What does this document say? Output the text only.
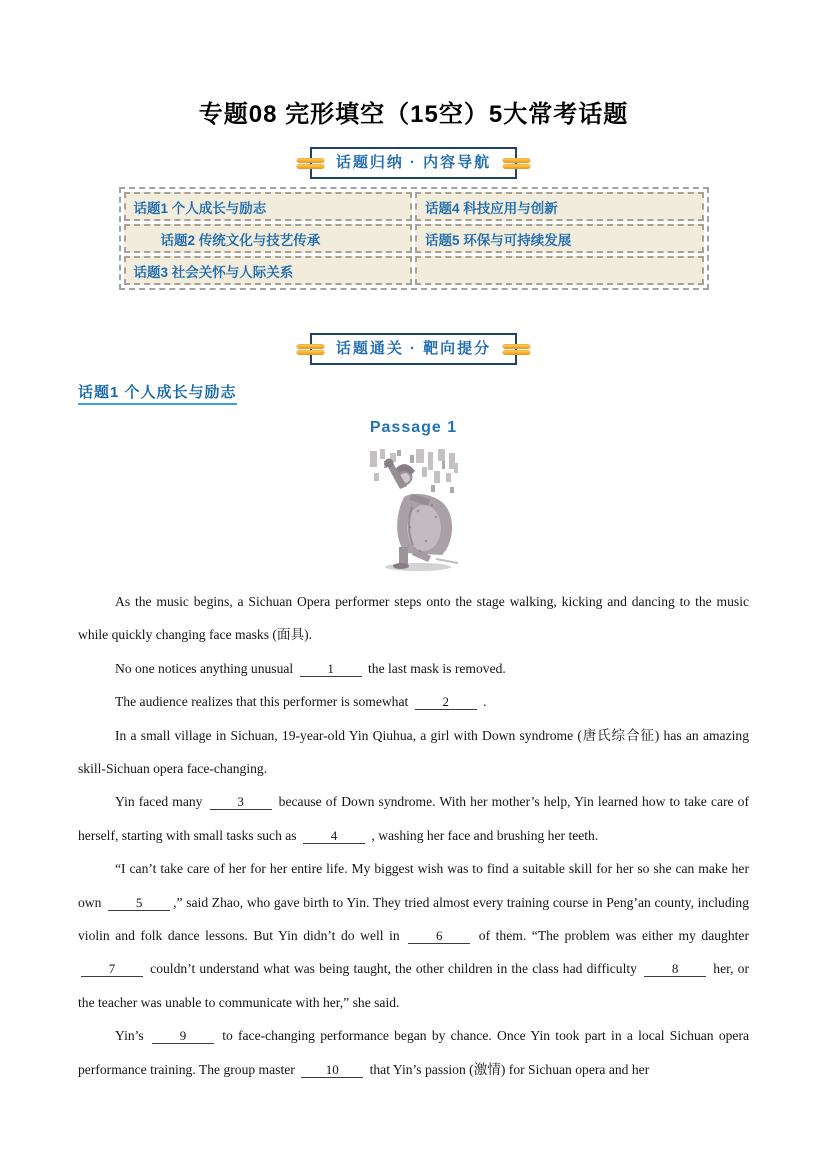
专题08 完形填空（15空）5大常考话题
话题归纳 · 内容导航
话题1 个人成长与励志	话题4 科技应用与创新
　　话题2 传统文化与技艺传承	话题5 环保与可持续发展
话题3 社会关怀与人际关系	
话题通关 · 靶向提分
话题1 个人成长与励志
Passage 1

As the music begins, a Sichuan Opera performer steps onto the stage walking, kicking and dancing to the music while quickly changing face masks (面具).

No one notices anything unusual 1 the last mask is removed.

The audience realizes that this performer is somewhat 2 .

In a small village in Sichuan, 19-year-old Yin Qiuhua, a girl with Down syndrome (唐氏综合征) has an amazing skill-Sichuan opera face-changing.

Yin faced many 3 because of Down syndrome. With her mother’s help, Yin learned how to take care of herself, starting with small tasks such as 4 , washing her face and brushing her teeth.

“I can’t take care of her for her entire life. My biggest wish was to find a suitable skill for her so she can make her own 5 ,” said Zhao, who gave birth to Yin. They tried almost every training course in Peng’an county, including violin and folk dance lessons. But Yin didn’t do well in 6 of them. “The problem was either my daughter 7 couldn’t understand what was being taught, the other children in the class had difficulty 8 her, or the teacher was unable to communicate with her,” she said.

Yin’s 9 to face-changing performance began by chance. Once Yin took part in a local Sichuan opera performance training. The group master 10 that Yin’s passion (激情) for Sichuan opera and her
